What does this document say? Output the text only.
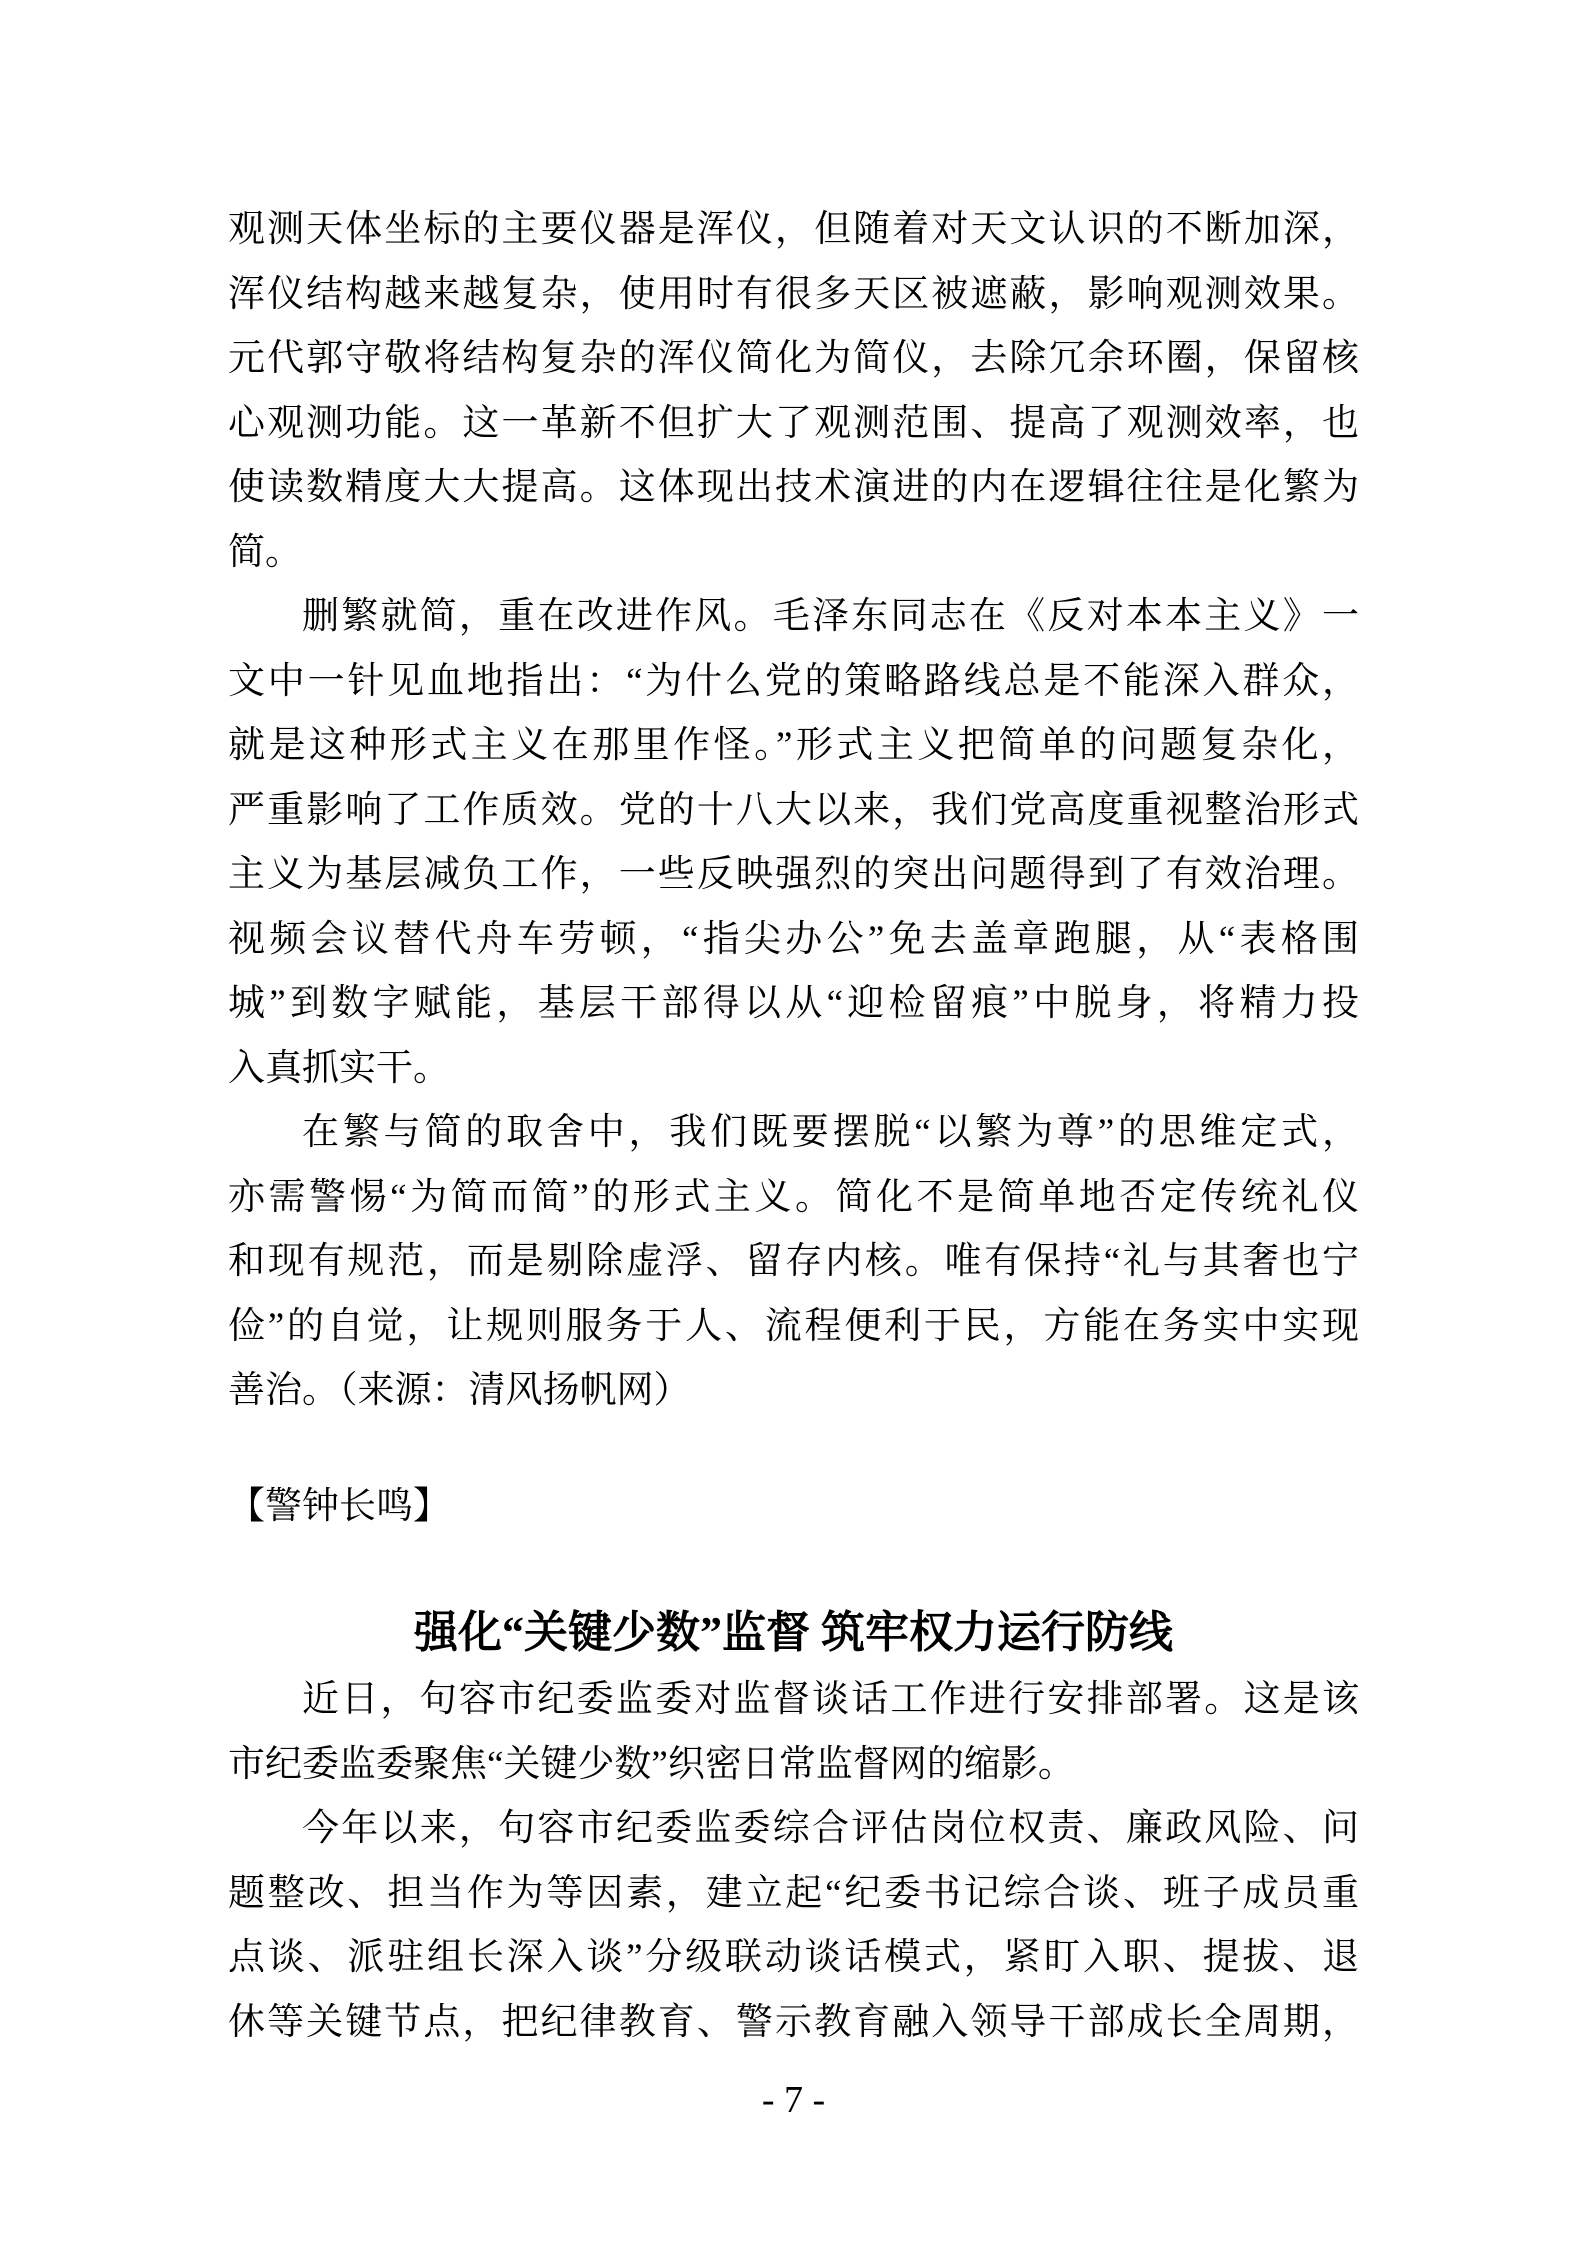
观测天体坐标的主要仪器是浑仪，但随着对天文认识的不断加深，
浑仪结构越来越复杂，使用时有很多天区被遮蔽，影响观测效果。
元代郭守敬将结构复杂的浑仪简化为简仪，去除冗余环圈，保留核
心观测功能。这一革新不但扩大了观测范围、提高了观测效率，也
使读数精度大大提高。这体现出技术演进的内在逻辑往往是化繁为
简。
删繁就简，重在改进作风。毛泽东同志在《反对本本主义》一
文中一针见血地指出：“为什么党的策略路线总是不能深入群众，
就是这种形式主义在那里作怪。”形式主义把简单的问题复杂化，
严重影响了工作质效。党的十八大以来，我们党高度重视整治形式
主义为基层减负工作，一些反映强烈的突出问题得到了有效治理。
视频会议替代舟车劳顿，“指尖办公”免去盖章跑腿，从“表格围
城”到数字赋能，基层干部得以从“迎检留痕”中脱身，将精力投
入真抓实干。
在繁与简的取舍中，我们既要摆脱“以繁为尊”的思维定式，
亦需警惕“为简而简”的形式主义。简化不是简单地否定传统礼仪
和现有规范，而是剔除虚浮、留存内核。唯有保持“礼与其奢也宁
俭”的自觉，让规则服务于人、流程便利于民，方能在务实中实现
善治。（来源：清风扬帆网）
【警钟长鸣】
强化“关键少数”监督 筑牢权力运行防线
近日，句容市纪委监委对监督谈话工作进行安排部署。这是该
市纪委监委聚焦“关键少数”织密日常监督网的缩影。
今年以来，句容市纪委监委综合评估岗位权责、廉政风险、问
题整改、担当作为等因素，建立起“纪委书记综合谈、班子成员重
点谈、派驻组长深入谈”分级联动谈话模式，紧盯入职、提拔、退
休等关键节点，把纪律教育、警示教育融入领导干部成长全周期，
- 7 -
